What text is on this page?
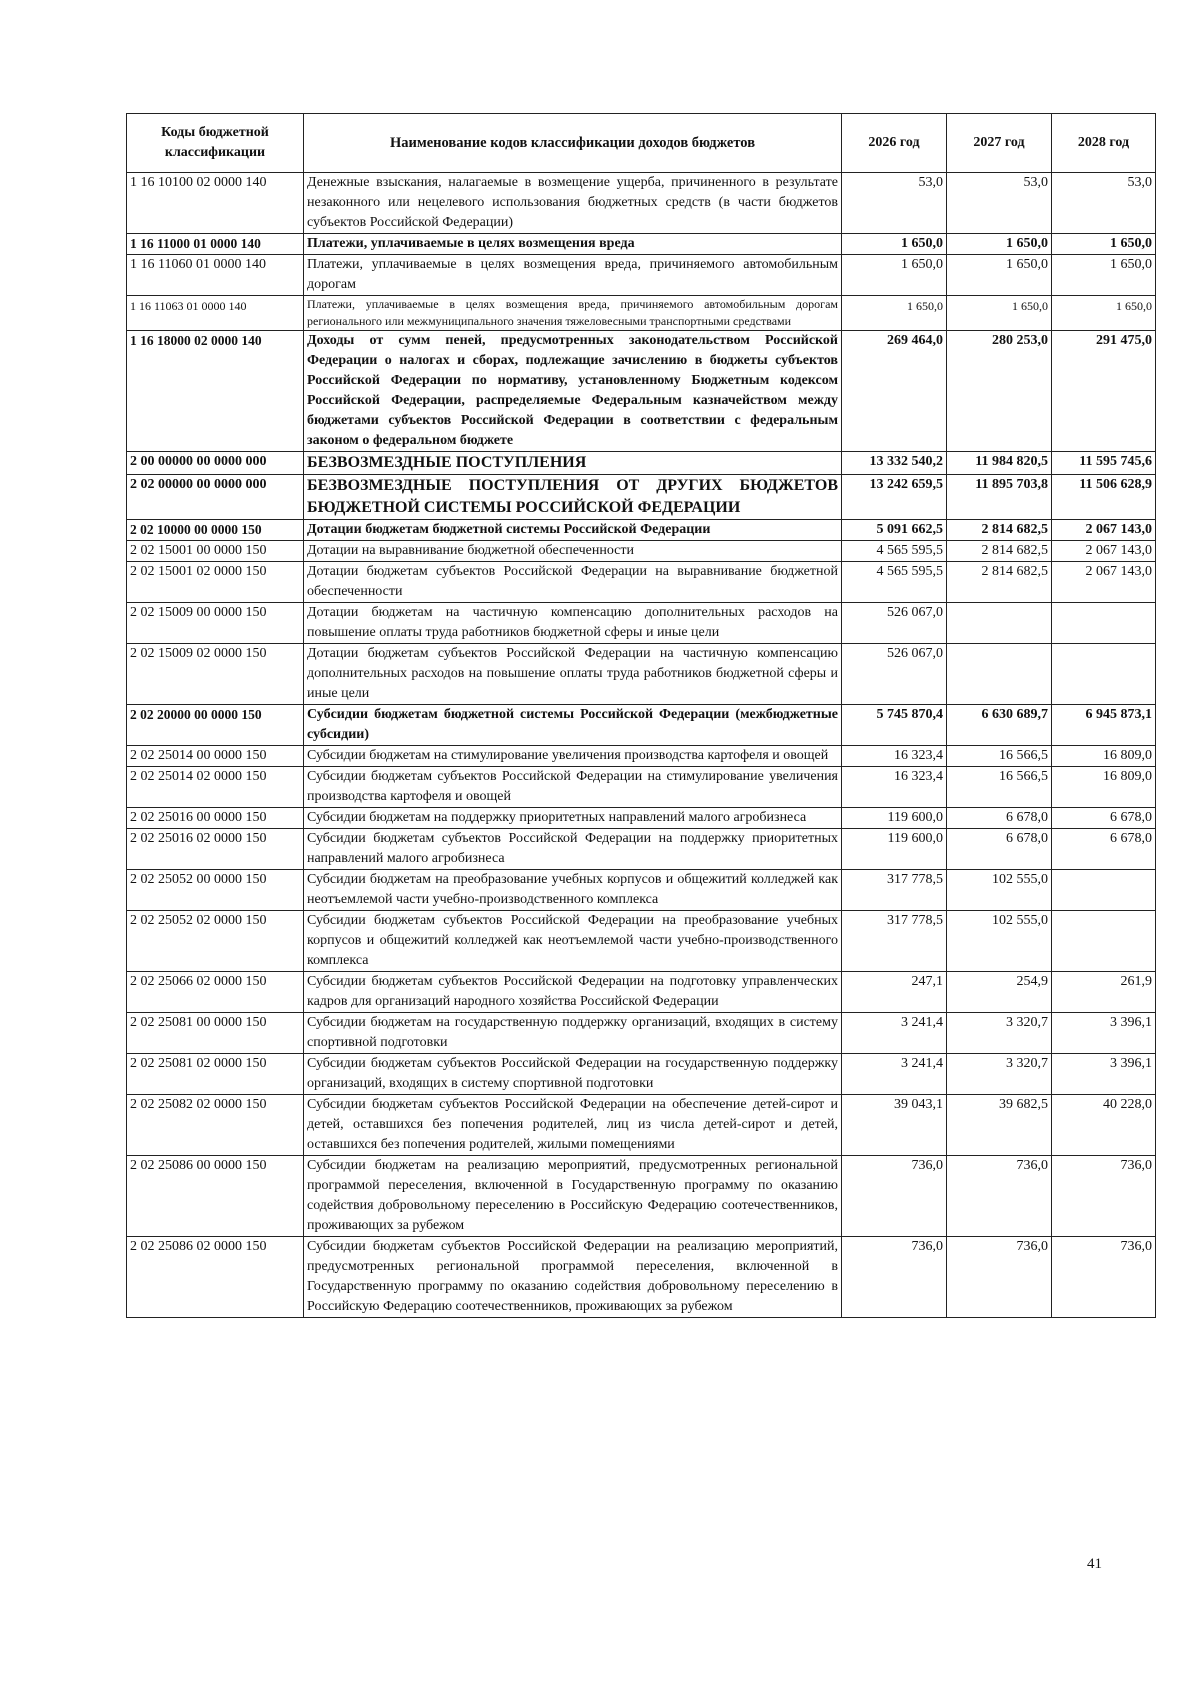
Коды бюджетной классификации	Наименование кодов классификации доходов бюджетов	2026 год	2027 год	2028 год
1 16 10100 02 0000 140	Денежные взыскания, налагаемые в возмещение ущерба, причиненного в результате незаконного или нецелевого использования бюджетных средств (в части бюджетов субъектов Российской Федерации)	53,0	53,0	53,0
1 16 11000 01 0000 140	Платежи, уплачиваемые в целях возмещения вреда	1 650,0	1 650,0	1 650,0
1 16 11060 01 0000 140	Платежи, уплачиваемые в целях возмещения вреда, причиняемого автомобильным дорогам	1 650,0	1 650,0	1 650,0
1 16 11063 01 0000 140	Платежи, уплачиваемые в целях возмещения вреда, причиняемого автомобильным дорогам регионального или межмуниципального значения тяжеловесными транспортными средствами	1 650,0	1 650,0	1 650,0
1 16 18000 02 0000 140	Доходы от сумм пеней, предусмотренных законодательством Российской Федерации о налогах и сборах, подлежащие зачислению в бюджеты субъектов Российской Федерации по нормативу, установленному Бюджетным кодексом Российской Федерации, распределяемые Федеральным казначейством между бюджетами субъектов Российской Федерации в соответствии с федеральным законом о федеральном бюджете	269 464,0	280 253,0	291 475,0
2 00 00000 00 0000 000	БЕЗВОЗМЕЗДНЫЕ ПОСТУПЛЕНИЯ	13 332 540,2	11 984 820,5	11 595 745,6
2 02 00000 00 0000 000	БЕЗВОЗМЕЗДНЫЕ ПОСТУПЛЕНИЯ ОТ ДРУГИХ БЮДЖЕТОВ БЮДЖЕТНОЙ СИСТЕМЫ РОССИЙСКОЙ ФЕДЕРАЦИИ	13 242 659,5	11 895 703,8	11 506 628,9
2 02 10000 00 0000 150	Дотации бюджетам бюджетной системы Российской Федерации	5 091 662,5	2 814 682,5	2 067 143,0
2 02 15001 00 0000 150	Дотации на выравнивание бюджетной обеспеченности	4 565 595,5	2 814 682,5	2 067 143,0
2 02 15001 02 0000 150	Дотации бюджетам субъектов Российской Федерации на выравнивание бюджетной обеспеченности	4 565 595,5	2 814 682,5	2 067 143,0
2 02 15009 00 0000 150	Дотации бюджетам на частичную компенсацию дополнительных расходов на повышение оплаты труда работников бюджетной сферы и иные цели	526 067,0		
2 02 15009 02 0000 150	Дотации бюджетам субъектов Российской Федерации на частичную компенсацию дополнительных расходов на повышение оплаты труда работников бюджетной сферы и иные цели	526 067,0		
2 02 20000 00 0000 150	Субсидии бюджетам бюджетной системы Российской Федерации (межбюджетные субсидии)	5 745 870,4	6 630 689,7	6 945 873,1
2 02 25014 00 0000 150	Субсидии бюджетам на стимулирование увеличения производства картофеля и овощей	16 323,4	16 566,5	16 809,0
2 02 25014 02 0000 150	Субсидии бюджетам субъектов Российской Федерации на стимулирование увеличения производства картофеля и овощей	16 323,4	16 566,5	16 809,0
2 02 25016 00 0000 150	Субсидии бюджетам на поддержку приоритетных направлений малого агробизнеса	119 600,0	6 678,0	6 678,0
2 02 25016 02 0000 150	Субсидии бюджетам субъектов Российской Федерации на поддержку приоритетных направлений малого агробизнеса	119 600,0	6 678,0	6 678,0
2 02 25052 00 0000 150	Субсидии бюджетам на преобразование учебных корпусов и общежитий колледжей как неотъемлемой части учебно-производственного комплекса	317 778,5	102 555,0	
2 02 25052 02 0000 150	Субсидии бюджетам субъектов Российской Федерации на преобразование учебных корпусов и общежитий колледжей как неотъемлемой части учебно-производственного комплекса	317 778,5	102 555,0	
2 02 25066 02 0000 150	Субсидии бюджетам субъектов Российской Федерации на подготовку управленческих кадров для организаций народного хозяйства Российской Федерации	247,1	254,9	261,9
2 02 25081 00 0000 150	Субсидии бюджетам на государственную поддержку организаций, входящих в систему спортивной подготовки	3 241,4	3 320,7	3 396,1
2 02 25081 02 0000 150	Субсидии бюджетам субъектов Российской Федерации на государственную поддержку организаций, входящих в систему спортивной подготовки	3 241,4	3 320,7	3 396,1
2 02 25082 02 0000 150	Субсидии бюджетам субъектов Российской Федерации на обеспечение детей-сирот и детей, оставшихся без попечения родителей, лиц из числа детей-сирот и детей, оставшихся без попечения родителей, жилыми помещениями	39 043,1	39 682,5	40 228,0
2 02 25086 00 0000 150	Субсидии бюджетам на реализацию мероприятий, предусмотренных региональной программой переселения, включенной в Государственную программу по оказанию содействия добровольному переселению в Российскую Федерацию соотечественников, проживающих за рубежом	736,0	736,0	736,0
2 02 25086 02 0000 150	Субсидии бюджетам субъектов Российской Федерации на реализацию мероприятий, предусмотренных региональной программой переселения, включенной в Государственную программу по оказанию содействия добровольному переселению в Российскую Федерацию соотечественников, проживающих за рубежом	736,0	736,0	736,0
41
